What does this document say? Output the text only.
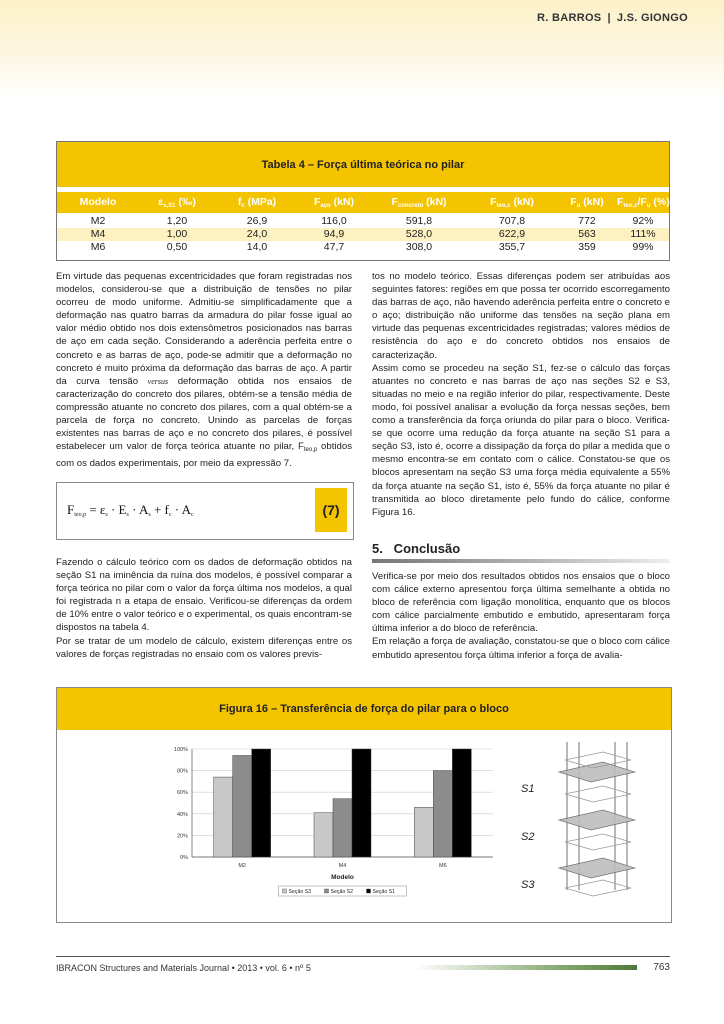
R. BARROS | J.S. GIONGO
Tabela 4 – Força última teórica no pilar
Modelo	$\varepsilon_{s,S1}$ (‰)	$f_c$ (MPa)	$F_{aço}$ (kN)	$F_{concreto}$ (kN)	$F_{teo,c}$ (kN)	$F_u$ (kN)	$F_{teo,c}/F_u$ (%)
M2	1,20	26,9	116,0	591,8	707,8	772	92%
M4	1,00	24,0	94,9	528,0	622,9	563	111%
M6	0,50	14,0	47,7	308,0	355,7	359	99%

Em virtude das pequenas excentricidades que foram registradas nos modelos, considerou-se que a distribuição de tensões no pilar ocorreu de modo uniforme. Admitiu-se simplificadamente que a deformação nas quatro barras da armadura do pilar fosse igual ao valor médio obtido nos dois extensômetros posicionados nas barras de aço em cada seção. Considerando a aderência perfeita entre o concreto e as barras de aço, pode-se admitir que a deformação no concreto é muito próxima da deformação das barras de aço. A partir da curva tensão versus deformação obtida nos ensaios de caracterização do concreto dos pilares, obtém-se a tensão média de compressão atuante no concreto dos pilares, com a qual obtém-se a parcela de força no concreto. Unindo as parcelas de forças existentes nas barras de aço e no concreto dos pilares, é possível estabelecer um valor de força teórica atuante no pilar, $F_{teo,p}$ obtidos com os dados experimentais, por meio da expressão 7.

$F_{teo,p} = \varepsilon_s \cdot E_s \cdot A_s + f_c \cdot A_c$	(7)

Fazendo o cálculo teórico com os dados de deformação obtidos na seção S1 na iminência da ruína dos modelos, é possível comparar a força teórica no pilar com o valor da força última nos modelos, a qual foi registrada n a etapa de ensaio. Verificou-se diferenças da ordem de 10% entre o valor teórico e o experimental, os quais encontram-se dispostos na tabela 4.

Por se tratar de um modelo de cálculo, existem diferenças entre os valores de forças registradas no ensaio com os valores previs-

tos no modelo teórico. Essas diferenças podem ser atribuídas aos seguintes fatores: regiões em que possa ter ocorrido escorregamento das barras de aço, não havendo aderência perfeita entre o concreto e o aço; distribuição não uniforme das tensões na seção plana em virtude das pequenas excentricidades registradas; valores médios de resistência do aço e do concreto obtidos nos ensaios de caracterização.

Assim como se procedeu na seção S1, fez-se o cálculo das forças atuantes no concreto e nas barras de aço nas seções S2 e S3, situadas no meio e na região inferior do pilar, respectivamente. Deste modo, foi possível analisar a evolução da força nessas seções, bem como a transferência da força oriunda do pilar para o bloco. Verifica-se que ocorre uma redução da força atuante na seção S1 para a seção S3, isto é, ocorre a dissipação da força do pilar a medida que o mesmo encontra-se em contato com o cálice. Constatou-se que os blocos apresentam na seção S3 uma força média equivalente a 55% da força atuante na seção S1, isto é, 55% da força atuante no pilar é transmitida ao bloco diretamente pelo fundo do cálice, conforme Figura 16.

5.   Conclusão

Verifica-se por meio dos resultados obtidos nos ensaios que o bloco com cálice externo apresentou força última semelhante a obtida no bloco de referência com ligação monolítica, enquanto que os blocos com cálice parcialmente embutido e embutido, apresentaram força última inferior a do bloco de referência.

Em relação a força de avaliação, constatou-se que o bloco com cálice embutido apresentou força última inferior a força de avalia-

Figura 16 – Transferência de força do pilar para o bloco
0%
20%
40%
60%
80%
100%
M2	M4	M6
Modelo
Seção S3	Seção S2	Seção S1
S1
S2
S3
IBRACON Structures and Materials Journal • 2013 • vol. 6 • nº 5	763
